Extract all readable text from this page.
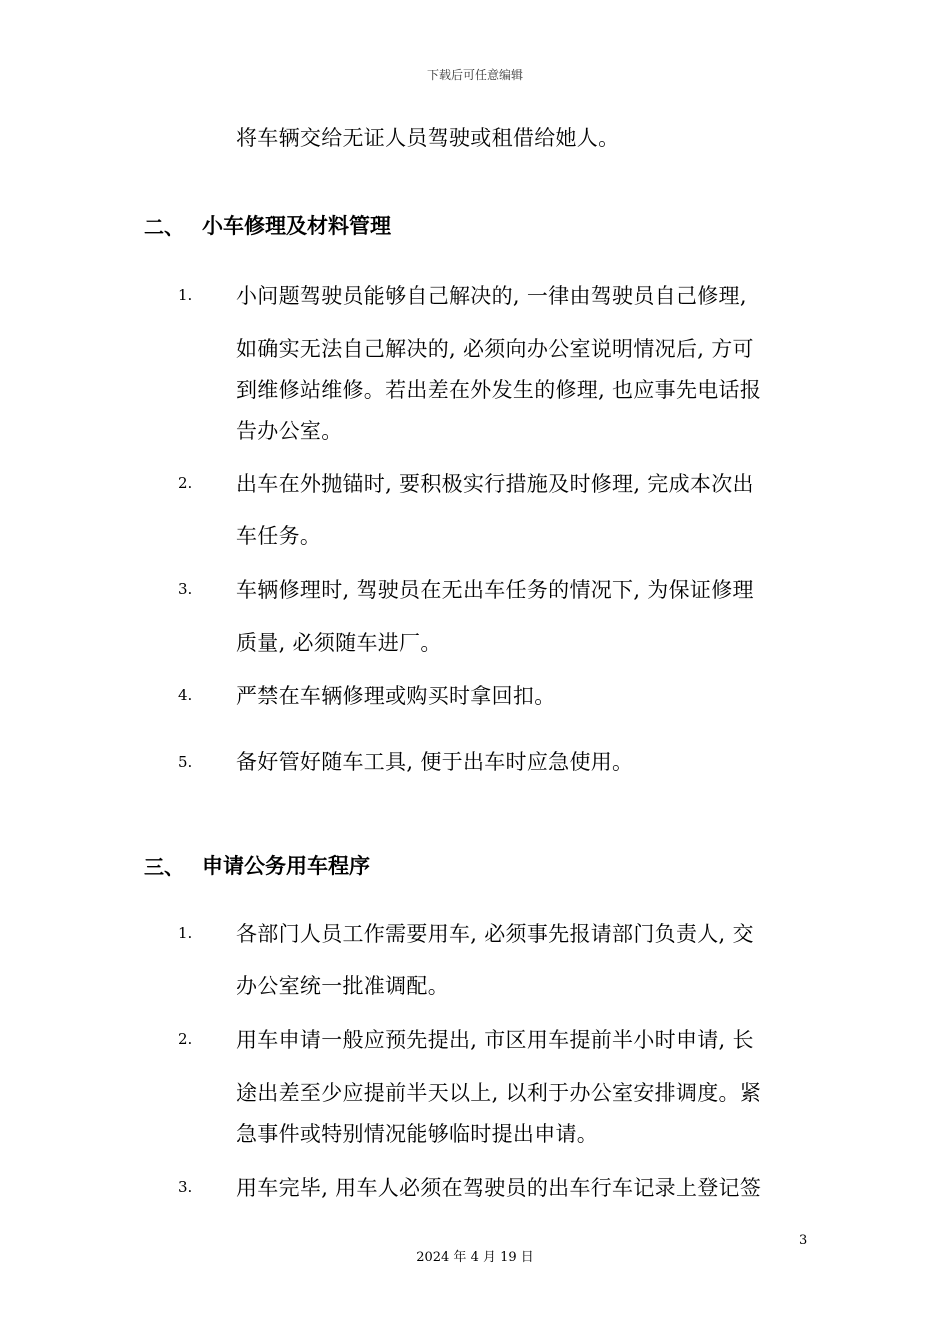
下载后可任意编辑
将车辆交给无证人员驾驶或租借给她人。
二、 小车修理及材料管理
1. 小问题驾驶员能够自己解决的, 一律由驾驶员自己修理,
如确实无法自己解决的, 必须向办公室说明情况后, 方可
到维修站维修。若出差在外发生的修理, 也应事先电话报
告办公室。
2. 出车在外抛锚时, 要积极实行措施及时修理, 完成本次出
车任务。
3. 车辆修理时, 驾驶员在无出车任务的情况下, 为保证修理
质量, 必须随车进厂。
4. 严禁在车辆修理或购买时拿回扣。
5. 备好管好随车工具, 便于出车时应急使用。
三、 申请公务用车程序
1. 各部门人员工作需要用车, 必须事先报请部门负责人, 交
办公室统一批准调配。
2. 用车申请一般应预先提出, 市区用车提前半小时申请, 长
途出差至少应提前半天以上, 以利于办公室安排调度。紧
急事件或特别情况能够临时提出申请。
3. 用车完毕, 用车人必须在驾驶员的出车行车记录上登记签
3
2024 年 4 月 19 日
